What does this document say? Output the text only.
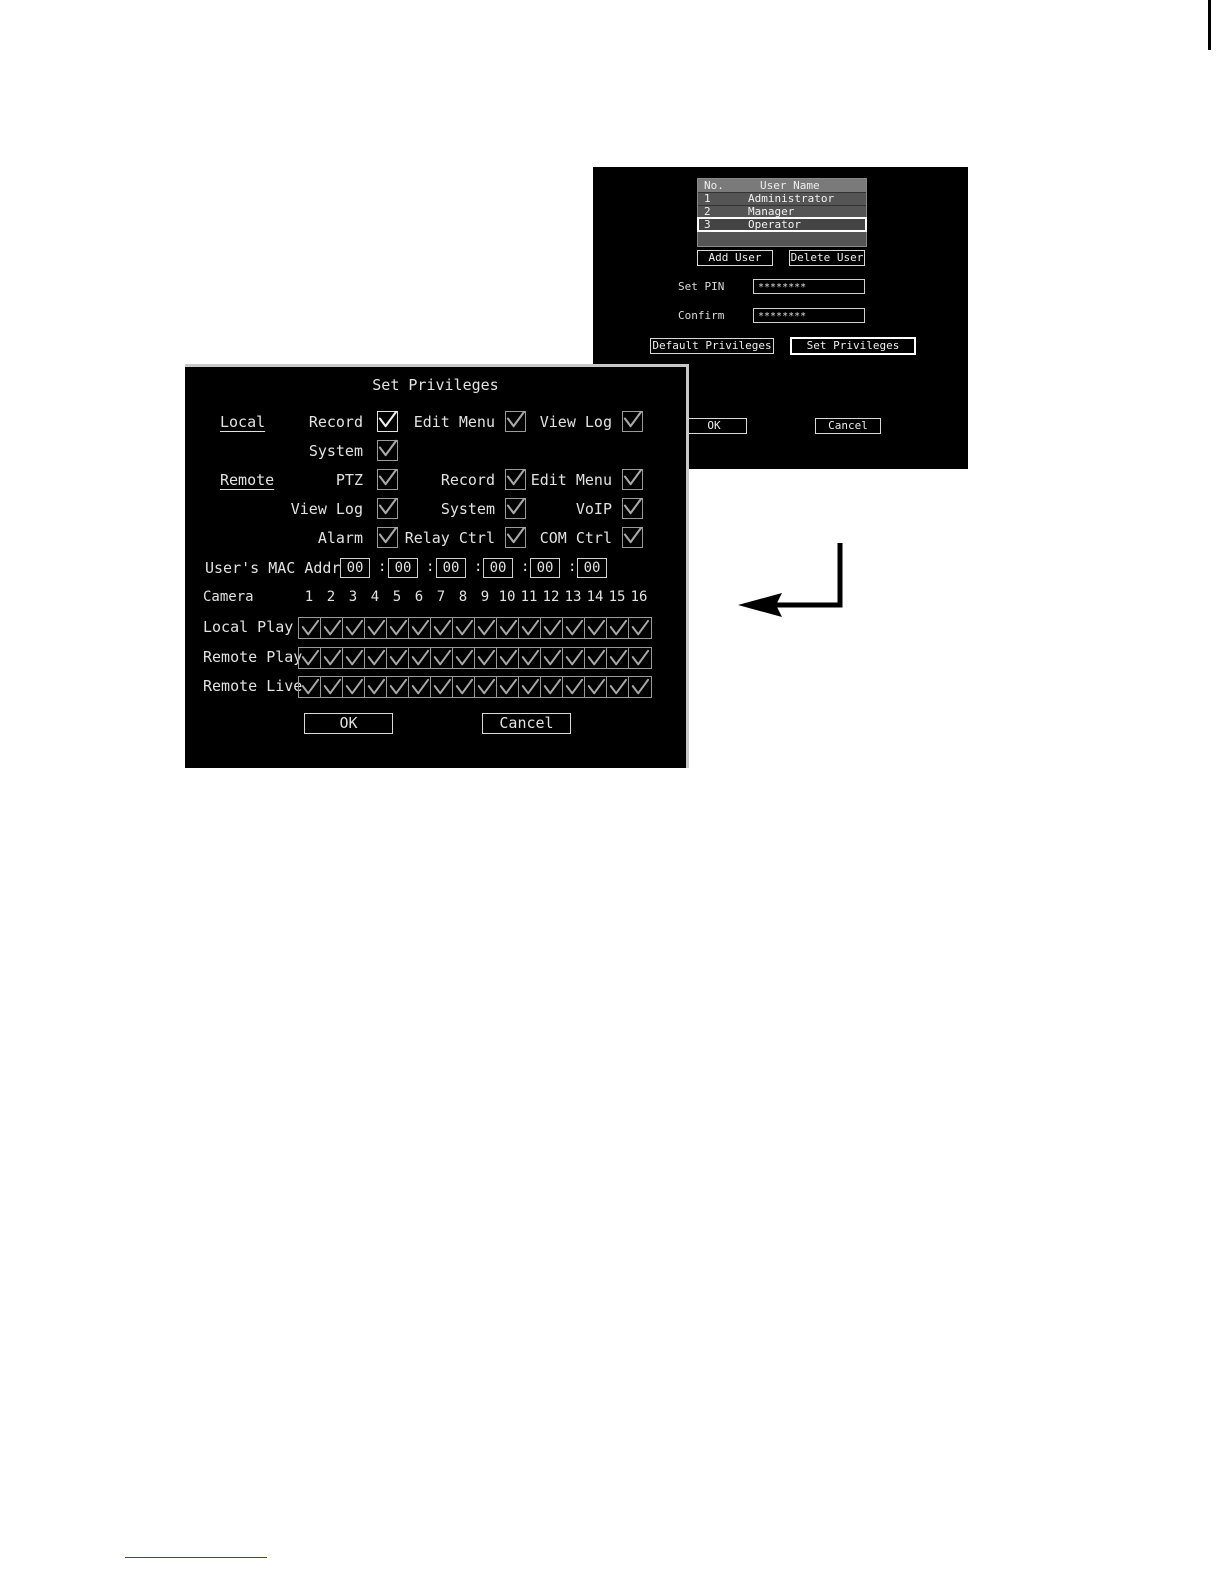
No.	User Name
1	Administrator
2	Manager
3	Operator
Add User	Delete User
Set PIN	********
Confirm	********
Default Privileges	Set Privileges
OK	Cancel
Set Privileges
Local	Record	Edit Menu	View Log
System
Remote	PTZ	Record	Edit Menu
View Log	System	VoIP
Alarm	Relay Ctrl	COM Ctrl
User's MAC Addr 00	: 00	: 00	: 00	: 00	: 00
Camera	1 2 3 4 5 6 7 8 9 10 11 12 13 14 15 16
Local Play
Remote Play
Remote Live
OK	Cancel
